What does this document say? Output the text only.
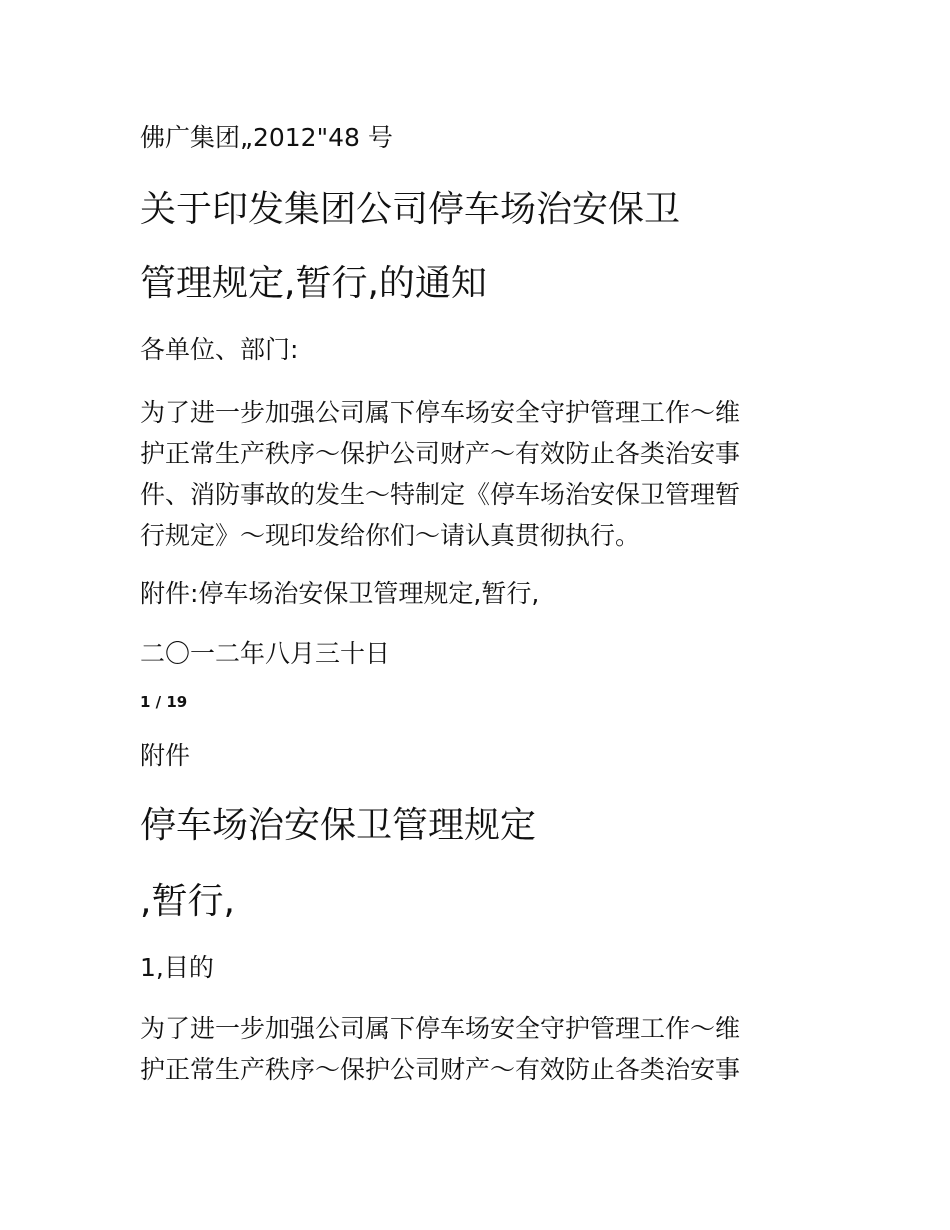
佛广集团„2012"48 号
关于印发集团公司停车场治安保卫
管理规定,暂行,的通知
各单位、部门:
为了进一步加强公司属下停车场安全守护管理工作～维
护正常生产秩序～保护公司财产～有效防止各类治安事
件、消防事故的发生～特制定《停车场治安保卫管理暂
行规定》～现印发给你们～请认真贯彻执行。
附件:停车场治安保卫管理规定,暂行,
二〇一二年八月三十日
1 / 19
附件
停车场治安保卫管理规定
,暂行,
1,目的
为了进一步加强公司属下停车场安全守护管理工作～维
护正常生产秩序～保护公司财产～有效防止各类治安事
